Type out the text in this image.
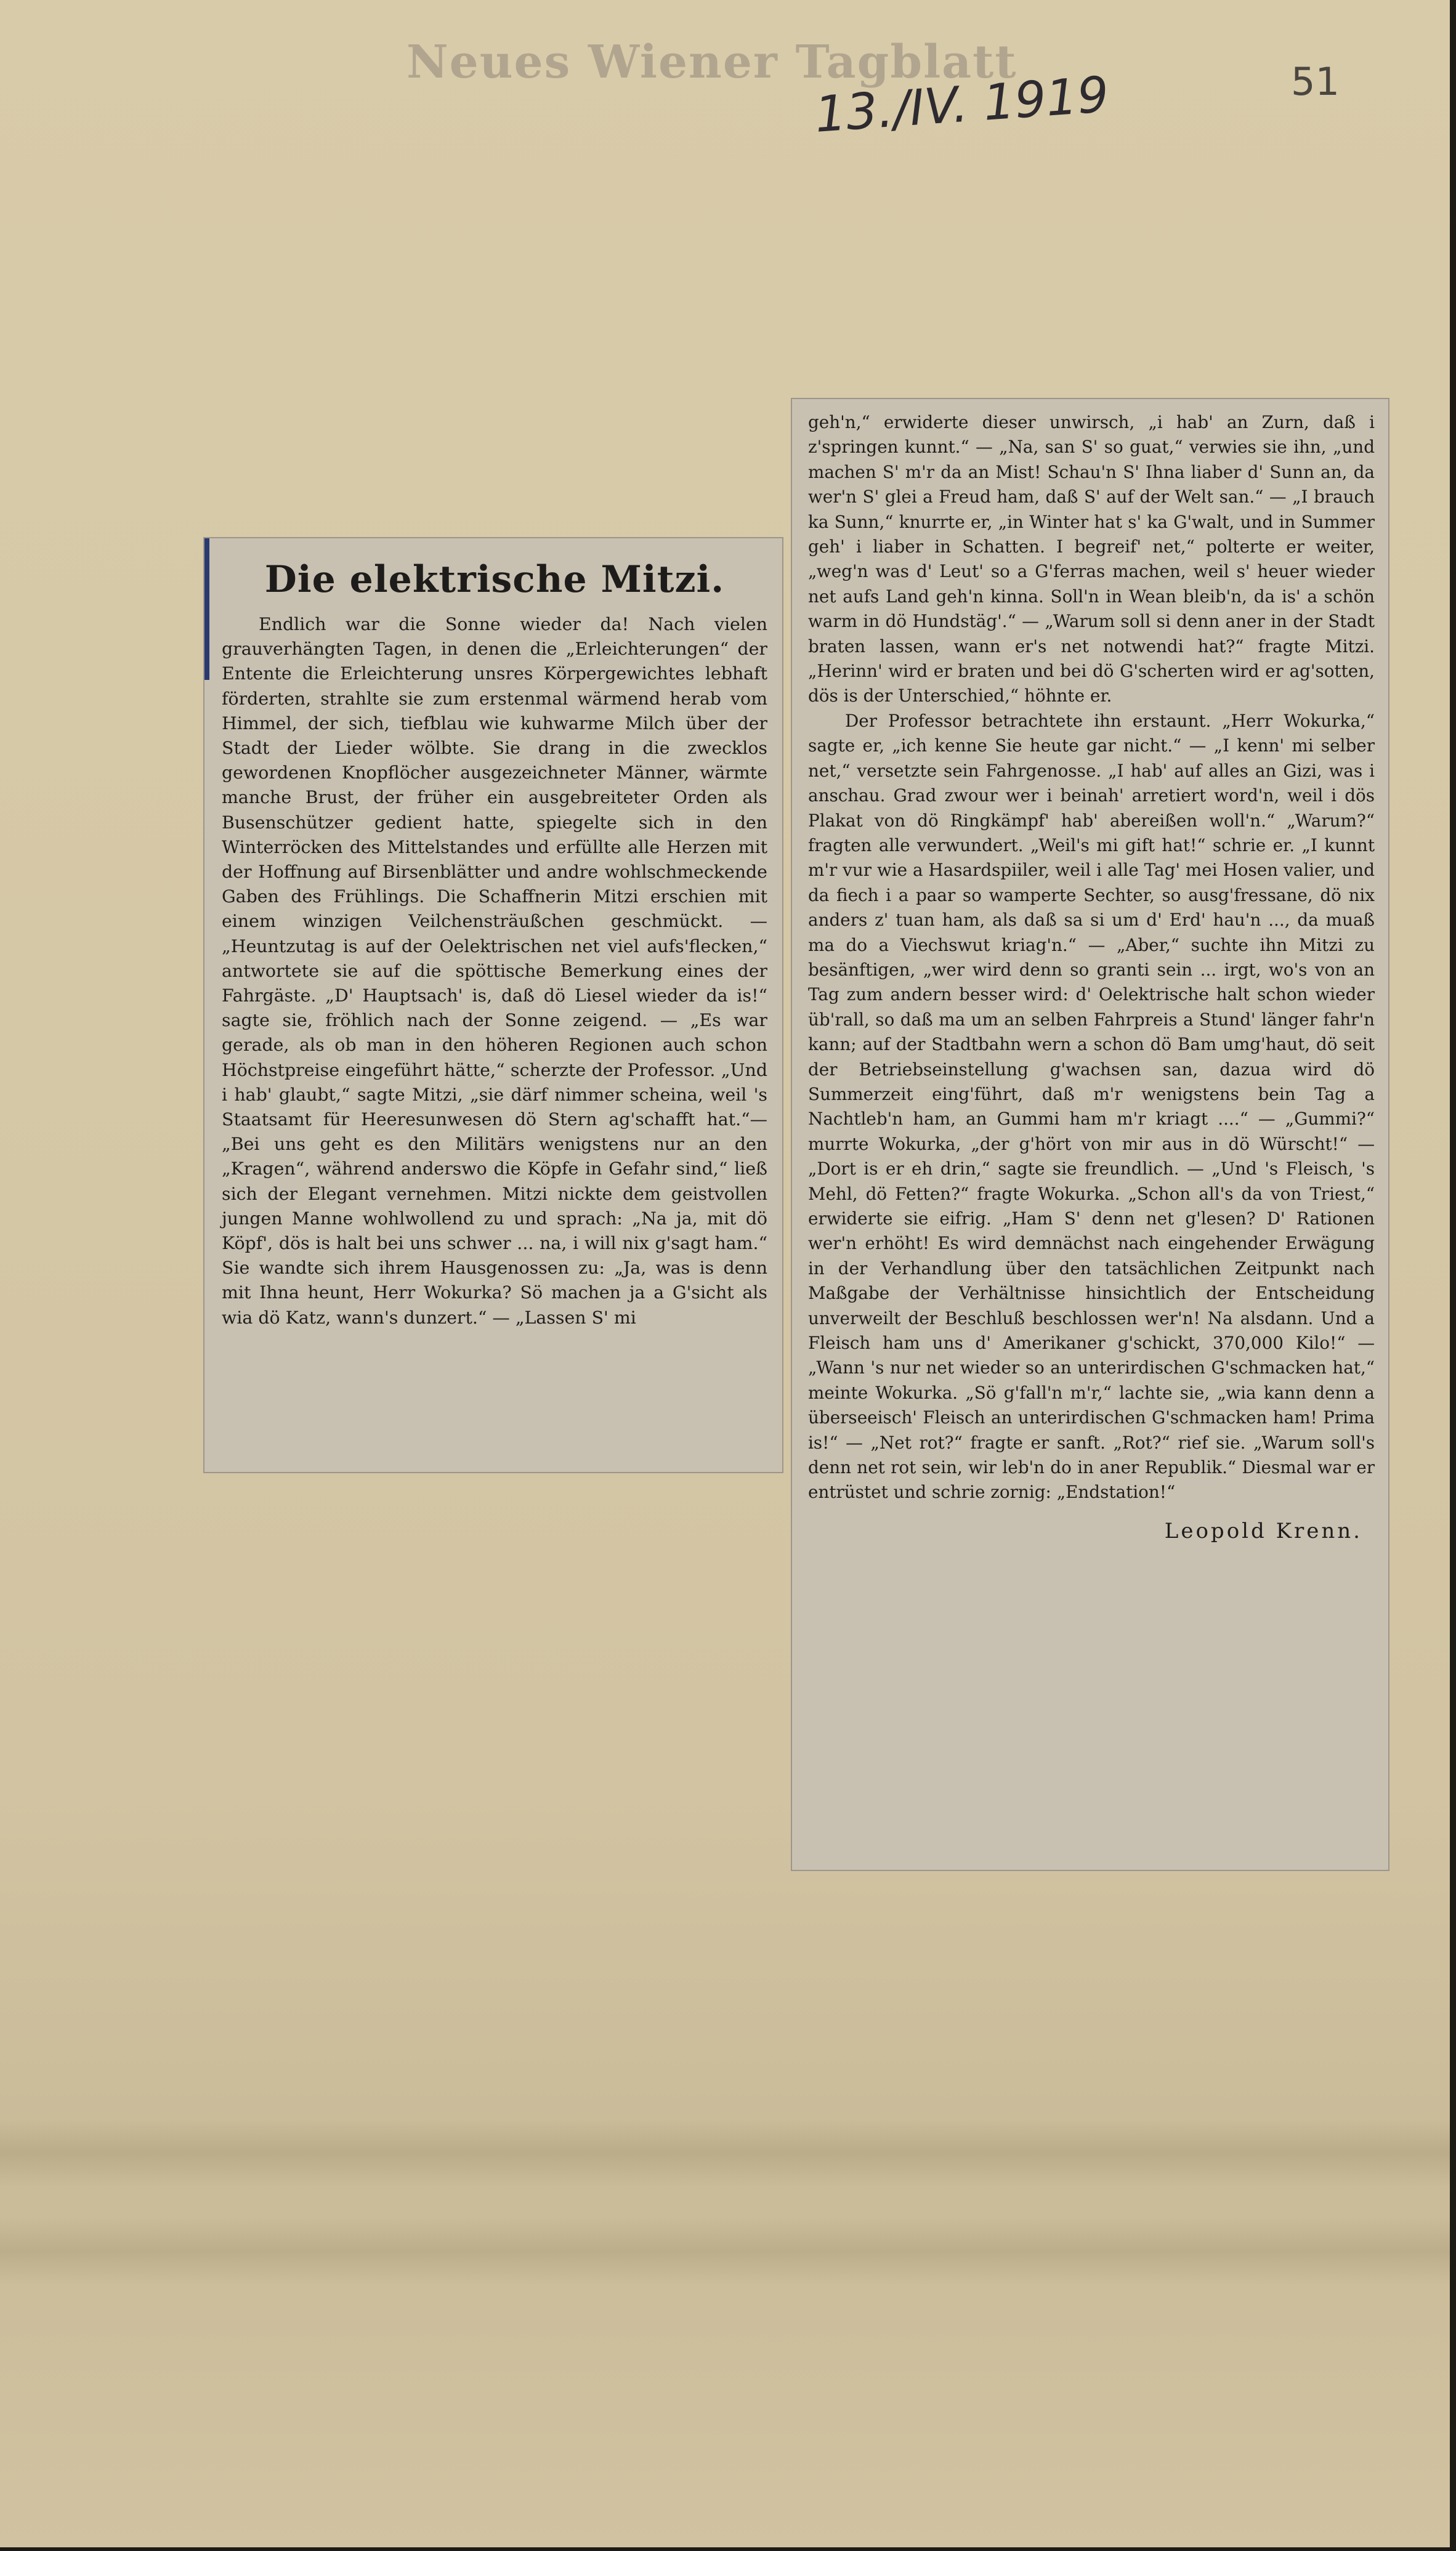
Neues Wiener Tagblatt
13./IV. 1919	51
Die elektrische Mitzi.

Endlich war die Sonne wieder da! Nach vielen grauverhängten Tagen, in denen die „Erleichterungen“ der Entente die Erleichterung unsres Körpergewichtes lebhaft förderten, strahlte sie zum erstenmal wärmend herab vom Himmel, der sich, tiefblau wie kuhwarme Milch über der Stadt der Lieder wölbte. Sie drang in die zwecklos gewordenen Knopflöcher ausgezeichneter Männer, wärmte manche Brust, der früher ein ausgebreiteter Orden als Busenschützer gedient hatte, spiegelte sich in den Winterröcken des Mittelstandes und erfüllte alle Herzen mit der Hoffnung auf Birsenblätter und andre wohlschmeckende Gaben des Frühlings. Die Schaffnerin Mitzi erschien mit einem winzigen Veilchensträußchen geschmückt. — „Heuntzutag is auf der Oelektrischen net viel aufs'flecken,“ antwortete sie auf die spöttische Bemerkung eines der Fahrgäste. „D' Hauptsach' is, daß dö Liesel wieder da is!“ sagte sie, fröhlich nach der Sonne zeigend. — „Es war gerade, als ob man in den höheren Regionen auch schon Höchstpreise eingeführt hätte,“ scherzte der Professor. „Und i hab' glaubt,“ sagte Mitzi, „sie därf nimmer scheina, weil 's Staatsamt für Heeresunwesen dö Stern ag'schafft hat.“— „Bei uns geht es den Militärs wenigstens nur an den „Kragen“, während anderswo die Köpfe in Gefahr sind,“ ließ sich der Elegant vernehmen. Mitzi nickte dem geistvollen jungen Manne wohlwollend zu und sprach: „Na ja, mit dö Köpf', dös is halt bei uns schwer ... na, i will nix g'sagt ham.“ Sie wandte sich ihrem Hausgenossen zu: „Ja, was is denn mit Ihna heunt, Herr Wokurka? Sö machen ja a G'sicht als wia dö Katz, wann's dunzert.“ — „Lassen S' mi

geh'n,“ erwiderte dieser unwirsch, „i hab' an Zurn, daß i z'springen kunnt.“ — „Na, san S' so guat,“ verwies sie ihn, „und machen S' m'r da an Mist! Schau'n S' Ihna liaber d' Sunn an, da wer'n S' glei a Freud ham, daß S' auf der Welt san.“ — „I brauch ka Sunn,“ knurrte er, „in Winter hat s' ka G'walt, und in Summer geh' i liaber in Schatten. I begreif' net,“ polterte er weiter, „weg'n was d' Leut' so a G'ferras machen, weil s' heuer wieder net aufs Land geh'n kinna. Soll'n in Wean bleib'n, da is' a schön warm in dö Hundstäg'.“ — „Warum soll si denn aner in der Stadt braten lassen, wann er's net notwendi hat?“ fragte Mitzi. „Herinn' wird er braten und bei dö G'scherten wird er ag'sotten, dös is der Unterschied,“ höhnte er.

Der Professor betrachtete ihn erstaunt. „Herr Wokurka,“ sagte er, „ich kenne Sie heute gar nicht.“ — „I kenn' mi selber net,“ versetzte sein Fahrgenosse. „I hab' auf alles an Gizi, was i anschau. Grad zwour wer i beinah' arretiert word'n, weil i dös Plakat von dö Ringkämpf' hab' abereißen woll'n.“ „Warum?“ fragten alle verwundert. „Weil's mi gift hat!“ schrie er. „I kunnt m'r vur wie a Hasardspiiler, weil i alle Tag' mei Hosen valier, und da fiech i a paar so wamperte Sechter, so ausg'fressane, dö nix anders z' tuan ham, als daß sa si um d' Erd' hau'n ..., da muaß ma do a Viechswut kriag'n.“ — „Aber,“ suchte ihn Mitzi zu besänftigen, „wer wird denn so granti sein ... irgt, wo's von an Tag zum andern besser wird: d' Oelektrische halt schon wieder üb'rall, so daß ma um an selben Fahrpreis a Stund' länger fahr'n kann; auf der Stadtbahn wern a schon dö Bam umg'haut, dö seit der Betriebseinstellung g'wachsen san, dazua wird dö Summerzeit eing'führt, daß m'r wenigstens bein Tag a Nachtleb'n ham, an Gummi ham m'r kriagt ....“ — „Gummi?“ murrte Wokurka, „der g'hört von mir aus in dö Würscht!“ — „Dort is er eh drin,“ sagte sie freundlich. — „Und 's Fleisch, 's Mehl, dö Fetten?“ fragte Wokurka. „Schon all's da von Triest,“ erwiderte sie eifrig. „Ham S' denn net g'lesen? D' Rationen wer'n erhöht! Es wird demnächst nach eingehender Erwägung in der Verhandlung über den tatsächlichen Zeitpunkt nach Maßgabe der Verhältnisse hinsichtlich der Entscheidung unverweilt der Beschluß beschlossen wer'n! Na alsdann. Und a Fleisch ham uns d' Amerikaner g'schickt, 370,000 Kilo!“ — „Wann 's nur net wieder so an unterirdischen G'schmacken hat,“ meinte Wokurka. „Sö g'fall'n m'r,“ lachte sie, „wia kann denn a überseeisch' Fleisch an unterirdischen G'schmacken ham! Prima is!“ — „Net rot?“ fragte er sanft. „Rot?“ rief sie. „Warum soll's denn net rot sein, wir leb'n do in aner Republik.“ Diesmal war er entrüstet und schrie zornig: „Endstation!“

Leopold Krenn.
